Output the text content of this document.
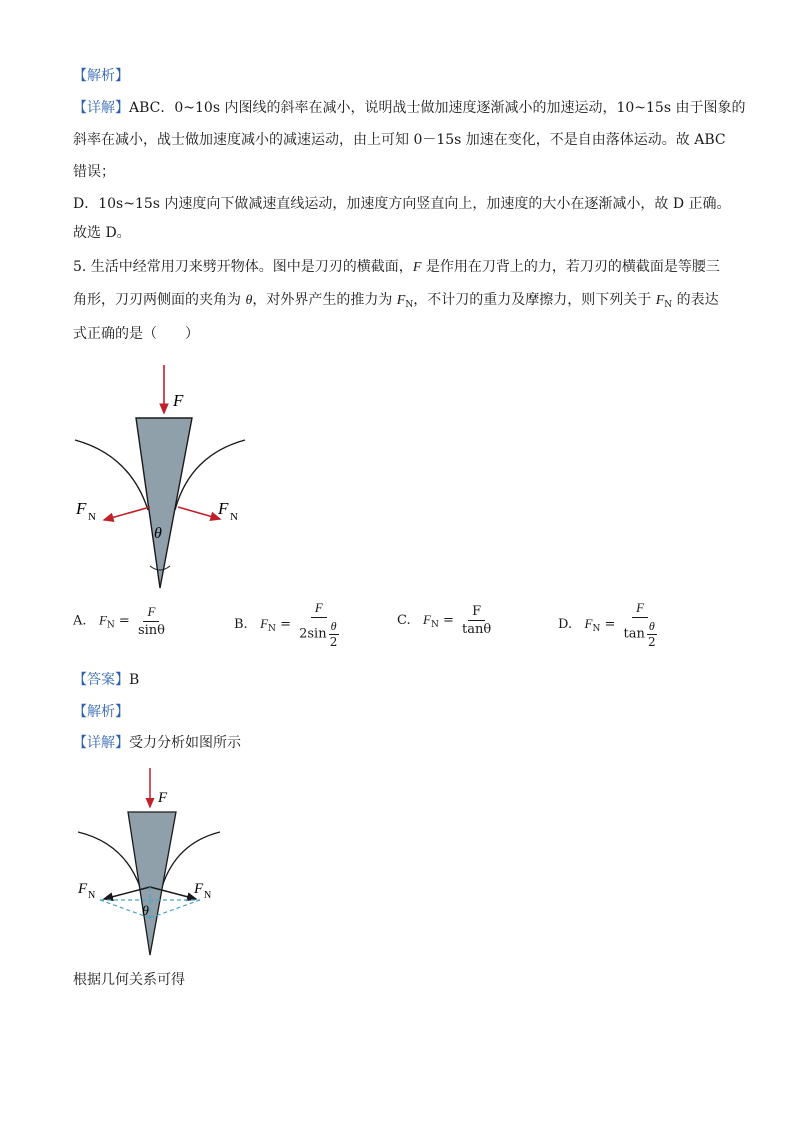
【解析】
【详解】ABC．0~10s 内图线的斜率在减小，说明战士做加速度逐渐减小的加速运动，10~15s 由于图象的
斜率在减小，战士做加速度减小的减速运动，由上可知 0－15s 加速在变化，不是自由落体运动。故 ABC
错误；
D．10s~15s 内速度向下做减速直线运动，加速度方向竖直向上，加速度的大小在逐渐减小，故 D 正确。
故选 D。
5. 生活中经常用刀来劈开物体。图中是刀刃的横截面，F 是作用在刀背上的力，若刀刃的横截面是等腰三
角形，刀刃两侧面的夹角为 θ，对外界产生的推力为 $F_N$，不计刀的重力及摩擦力，则下列关于 $F_N$ 的表达
式正确的是（　　）
F
F N	F N
θ
A. $F_N = \frac{F}{\sin\theta}$	B. $F_N = \frac{F}{2\sin \frac{\theta}{2}}$	C. $F_N = \frac{F}{\tan\theta}$	D. $F_N = \frac{F}{\tan \frac{\theta}{2}}$
【答案】B
【解析】
【详解】受力分析如图所示
F
F N	F N
θ
根据几何关系可得
